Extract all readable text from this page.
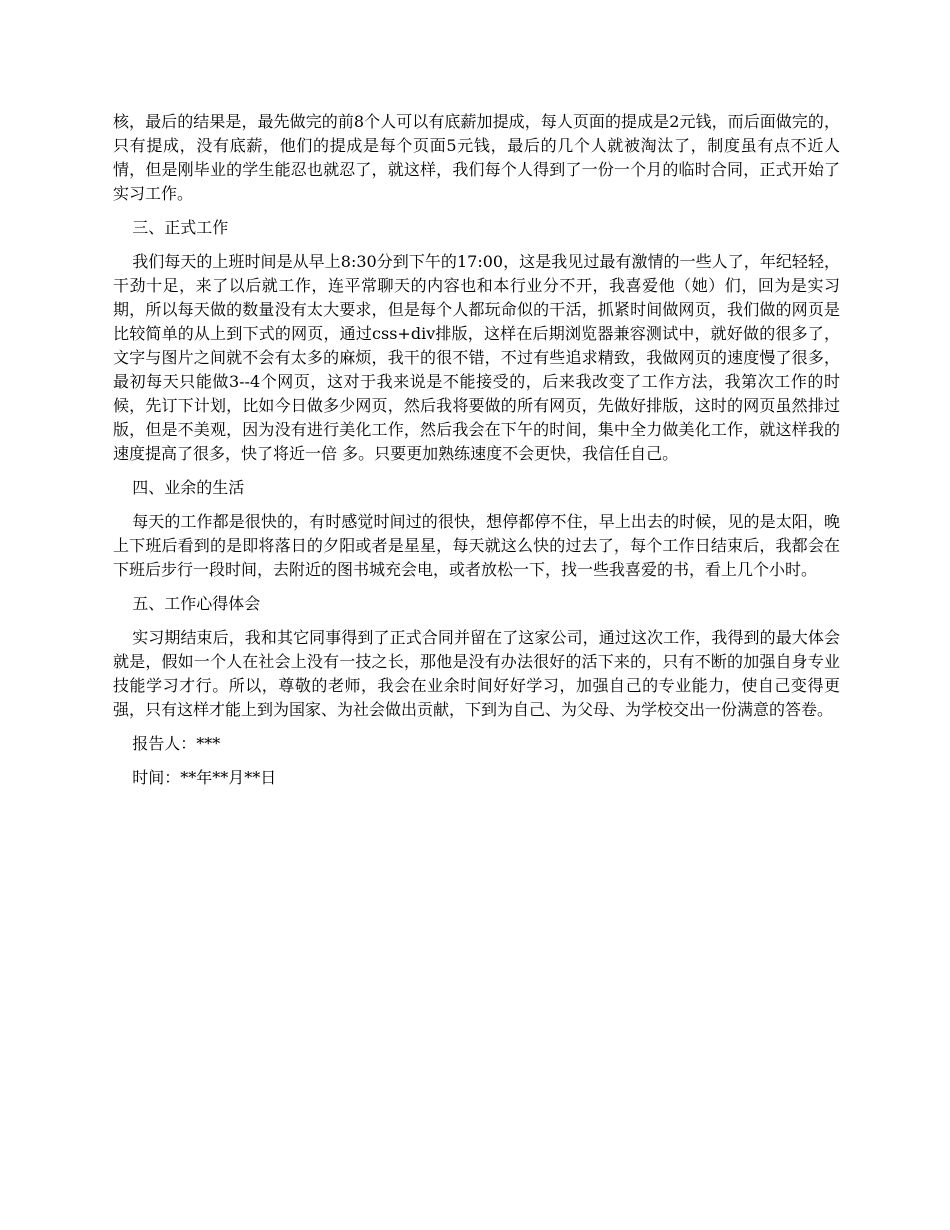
核，最后的结果是，最先做完的前8个人可以有底薪加提成，每人页面的提成是2元钱，而后面做完的，只有提成，没有底薪，他们的提成是每个页面5元钱，最后的几个人就被淘汰了，制度虽有点不近人情，但是刚毕业的学生能忍也就忍了，就这样，我们每个人得到了一份一个月的临时合同，正式开始了实习工作。

三、正式工作

我们每天的上班时间是从早上8:30分到下午的17:00，这是我见过最有激情的一些人了，年纪轻轻，干劲十足，来了以后就工作，连平常聊天的内容也和本行业分不开，我喜爱他（她）们，回为是实习期，所以每天做的数量没有太大要求，但是每个人都玩命似的干活，抓紧时间做网页，我们做的网页是比较简单的从上到下式的网页，通过css+div排版，这样在后期浏览器兼容测试中，就好做的很多了，文字与图片之间就不会有太多的麻烦，我干的很不错，不过有些追求精致，我做网页的速度慢了很多，最初每天只能做3--4个网页，这对于我来说是不能接受的，后来我改变了工作方法，我第次工作的时候，先订下计划，比如今日做多少网页，然后我将要做的所有网页，先做好排版，这时的网页虽然排过版，但是不美观，因为没有进行美化工作，然后我会在下午的时间，集中全力做美化工作，就这样我的速度提高了很多，快了将近一倍 多。只要更加熟练速度不会更快，我信任自己。

四、业余的生活

每天的工作都是很快的，有时感觉时间过的很快，想停都停不住，早上出去的时候，见的是太阳，晚上下班后看到的是即将落日的夕阳或者是星星，每天就这么快的过去了，每个工作日结束后，我都会在下班后步行一段时间，去附近的图书城充会电，或者放松一下，找一些我喜爱的书，看上几个小时。

五、工作心得体会

实习期结束后，我和其它同事得到了正式合同并留在了这家公司，通过这次工作，我得到的最大体会就是，假如一个人在社会上没有一技之长，那他是没有办法很好的活下来的，只有不断的加强自身专业技能学习才行。所以，尊敬的老师，我会在业余时间好好学习，加强自己的专业能力，使自己变得更强，只有这样才能上到为国家、为社会做出贡献，下到为自己、为父母、为学校交出一份满意的答卷。

报告人：***

时间：**年**月**日
